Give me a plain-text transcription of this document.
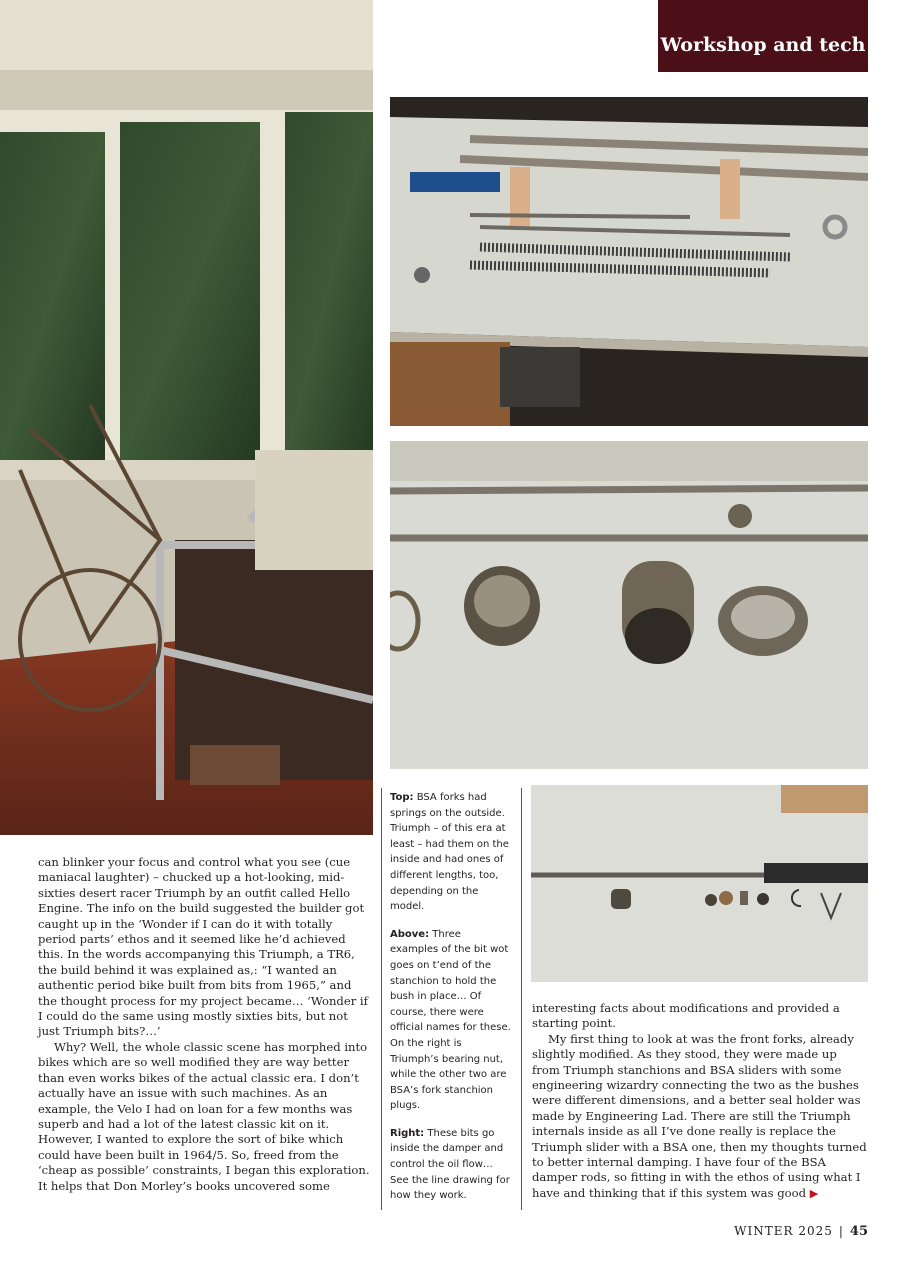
Workshop and tech

Top: BSA forks had springs on the outside. Triumph – of this era at least – had them on the inside and had ones of different lengths, too, depending on the model.

Above: Three examples of the bit wot goes on t’end of the stanchion to hold the bush in place… Of course, there were official names for these. On the right is Triumph’s bearing nut, while the other two are BSA’s fork stanchion plugs.

Right: These bits go inside the damper and control the oil flow… See the line drawing for how they work.

can blinker your focus and control what you see (cue maniacal laughter) – chucked up a hot-looking, mid-sixties desert racer Triumph by an outfit called Hello Engine. The info on the build suggested the builder got caught up in the ‘Wonder if I can do it with totally period parts’ ethos and it seemed like he’d achieved this. In the words accompanying this Triumph, a TR6, the build behind it was explained as,: “I wanted an authentic period bike built from bits from 1965,” and the thought process for my project became… ‘Wonder if I could do the same using mostly sixties bits, but not just Triumph bits?…’

Why? Well, the whole classic scene has morphed into bikes which are so well modified they are way better than even works bikes of the actual classic era. I don’t actually have an issue with such machines. As an example, the Velo I had on loan for a few months was superb and had a lot of the latest classic kit on it. However, I wanted to explore the sort of bike which could have been built in 1964/5. So, freed from the ‘cheap as possible’ constraints, I began this exploration. It helps that Don Morley’s books uncovered some

interesting facts about modifications and provided a starting point.

My first thing to look at was the front forks, already slightly modified. As they stood, they were made up from Triumph stanchions and BSA sliders with some engineering wizardry connecting the two as the bushes were different dimensions, and a better seal holder was made by Engineering Lad. There are still the Triumph internals inside as all I’ve done really is replace the Triumph slider with a BSA one, then my thoughts turned to better internal damping. I have four of the BSA damper rods, so fitting in with the ethos of using what I have and thinking that if this system was good ▶

WINTER 2025 | 45
